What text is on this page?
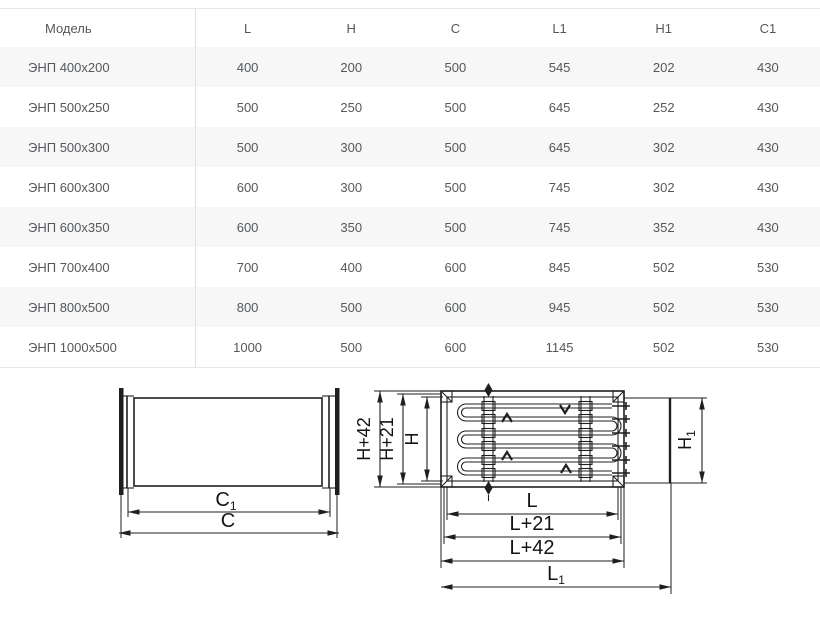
Модель	L	H	C	L1	H1	C1
ЭНП 400x200	400	200	500	545	202	430
ЭНП 500x250	500	250	500	645	252	430
ЭНП 500x300	500	300	500	645	302	430
ЭНП 600x300	600	300	500	745	302	430
ЭНП 600x350	600	350	500	745	352	430
ЭНП 700x400	700	400	600	845	502	530
ЭНП 800x500	800	500	600	945	502	530
ЭНП 1000x500	1000	500	600	1145	502	530
$C_1$
C
H+42 H+21 H	$H_1$
L
L+21
L+42
$L_1$
